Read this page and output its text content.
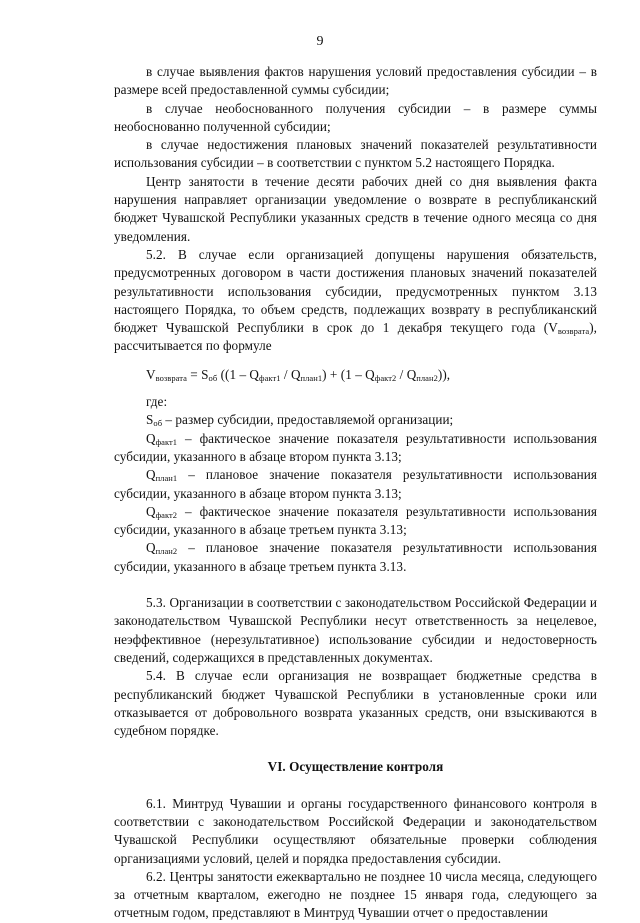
9

в случае выявления фактов нарушения условий предоставления субсидии – в размере всей предоставленной суммы субсидии;

в случае необоснованного получения субсидии – в размере суммы необоснованно полученной субсидии;

в случае недостижения плановых значений показателей результативности использования субсидии – в соответствии с пунктом 5.2 настоящего Порядка.

Центр занятости в течение десяти рабочих дней со дня выявления факта нарушения направляет организации уведомление о возврате в республиканский бюджет Чувашской Республики указанных средств в течение одного месяца со дня уведомления.

5.2. В случае если организацией допущены нарушения обязательств, предусмотренных договором в части достижения плановых значений показателей результативности использования субсидии, предусмотренных пунктом 3.13 настоящего Порядка, то объем средств, подлежащих возврату в республиканский бюджет Чувашской Республики в срок до 1 декабря текущего года $(V_{возврата})$, рассчитывается по формуле

$V_{возврата} = S_{об}$ $((1 - Q_{факт1} / Q_{план1}) + (1 - Q_{факт2} / Q_{план2}))$,

где:

$S_{об}$ – размер субсидии, предоставляемой организации;

$Q_{факт1}$ – фактическое значение показателя результативности использования субсидии, указанного в абзаце втором пункта 3.13;

$Q_{план1}$ – плановое значение показателя результативности использования субсидии, указанного в абзаце втором пункта 3.13;

$Q_{факт2}$ – фактическое значение показателя результативности использования субсидии, указанного в абзаце третьем пункта 3.13;

$Q_{план2}$ – плановое значение показателя результативности использования субсидии, указанного в абзаце третьем пункта 3.13.

5.3. Организации в соответствии с законодательством Российской Федерации и законодательством Чувашской Республики несут ответственность за нецелевое, неэффективное (нерезультативное) использование субсидии и недостоверность сведений, содержащихся в представленных документах.

5.4. В случае если организация не возвращает бюджетные средства в республиканский бюджет Чувашской Республики в установленные сроки или отказывается от добровольного возврата указанных средств, они взыскиваются в судебном порядке.

VI. Осуществление контроля

6.1. Минтруд Чувашии и органы государственного финансового контроля в соответствии с законодательством Российской Федерации и законодательством Чувашской Республики осуществляют обязательные проверки соблюдения организациями условий, целей и порядка предоставления субсидии.

6.2. Центры занятости ежеквартально не позднее 10 числа месяца, следующего за отчетным кварталом, ежегодно не позднее 15 января года, следующего за отчетным годом, представляют в Минтруд Чувашии отчет о предоставлении
